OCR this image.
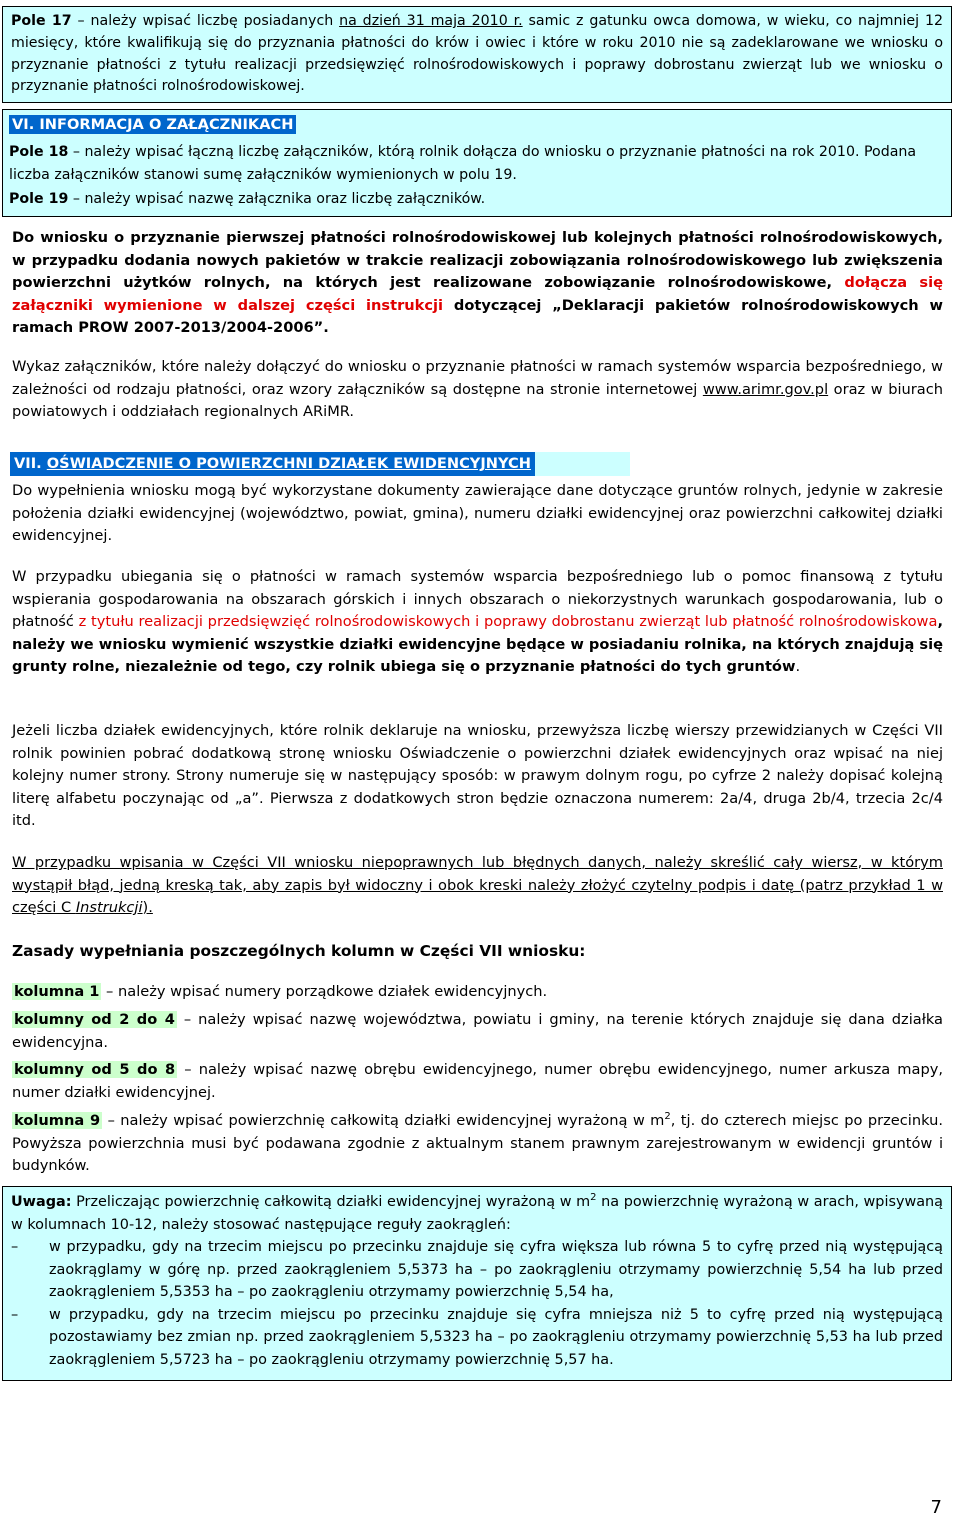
Pole 17 – należy wpisać liczbę posiadanych na dzień 31 maja 2010 r. samic z gatunku owca domowa, w wieku, co najmniej 12 miesięcy, które kwalifikują się do przyznania płatności do krów i owiec i które w roku 2010 nie są zadeklarowane we wniosku o przyznanie płatności z tytułu realizacji przedsięwzięć rolnośrodowiskowych i poprawy dobrostanu zwierząt lub we wniosku o przyznanie płatności rolnośrodowiskowej.

VI. INFORMACJA O ZAŁĄCZNIKACH

Pole 18 – należy wpisać łączną liczbę załączników, którą rolnik dołącza do wniosku o przyznanie płatności na rok 2010. Podana liczba załączników stanowi sumę załączników wymienionych w polu 19.

Pole 19 – należy wpisać nazwę załącznika oraz liczbę załączników.

Do wniosku o przyznanie pierwszej płatności rolnośrodowiskowej lub kolejnych płatności rolnośrodowiskowych, w przypadku dodania nowych pakietów w trakcie realizacji zobowiązania rolnośrodowiskowego lub zwiększenia powierzchni użytków rolnych, na których jest realizowane zobowiązanie rolnośrodowiskowe, dołącza się załączniki wymienione w dalszej części instrukcji dotyczącej „Deklaracji pakietów rolnośrodowiskowych w ramach PROW 2007-2013/2004-2006”.

Wykaz załączników, które należy dołączyć do wniosku o przyznanie płatności w ramach systemów wsparcia bezpośredniego, w zależności od rodzaju płatności, oraz wzory załączników są dostępne na stronie internetowej www.arimr.gov.pl oraz w biurach powiatowych i oddziałach regionalnych ARiMR.

VII. OŚWIADCZENIE O POWIERZCHNI DZIAŁEK EWIDENCYJNYCH

Do wypełnienia wniosku mogą być wykorzystane dokumenty zawierające dane dotyczące gruntów rolnych, jedynie w zakresie położenia działki ewidencyjnej (województwo, powiat, gmina), numeru działki ewidencyjnej oraz powierzchni całkowitej działki ewidencyjnej.

W przypadku ubiegania się o płatności w ramach systemów wsparcia bezpośredniego lub o pomoc finansową z tytułu wspierania gospodarowania na obszarach górskich i innych obszarach o niekorzystnych warunkach gospodarowania, lub o płatność z tytułu realizacji przedsięwzięć rolnośrodowiskowych i poprawy dobrostanu zwierząt lub płatność rolnośrodowiskowa, należy we wniosku wymienić wszystkie działki ewidencyjne będące w posiadaniu rolnika, na których znajdują się grunty rolne, niezależnie od tego, czy rolnik ubiega się o przyznanie płatności do tych gruntów.

Jeżeli liczba działek ewidencyjnych, które rolnik deklaruje na wniosku, przewyższa liczbę wierszy przewidzianych w Części VII rolnik powinien pobrać dodatkową stronę wniosku Oświadczenie o powierzchni działek ewidencyjnych oraz wpisać na niej kolejny numer strony. Strony numeruje się w następujący sposób: w prawym dolnym rogu, po cyfrze 2 należy dopisać kolejną literę alfabetu poczynając od „a”. Pierwsza z dodatkowych stron będzie oznaczona numerem: 2a/4, druga 2b/4, trzecia 2c/4 itd.

W przypadku wpisania w Części VII wniosku niepoprawnych lub błędnych danych, należy skreślić cały wiersz, w którym wystąpił błąd, jedną kreską tak, aby zapis był widoczny i obok kreski należy złożyć czytelny podpis i datę (patrz przykład 1 w części C Instrukcji).

Zasady wypełniania poszczególnych kolumn w Części VII wniosku:

kolumna 1 – należy wpisać numery porządkowe działek ewidencyjnych.

kolumny od 2 do 4 – należy wpisać nazwę województwa, powiatu i gminy, na terenie których znajduje się dana działka ewidencyjna.

kolumny od 5 do 8 – należy wpisać nazwę obrębu ewidencyjnego, numer obrębu ewidencyjnego, numer arkusza mapy, numer działki ewidencyjnej.

kolumna 9 – należy wpisać powierzchnię całkowitą działki ewidencyjnej wyrażoną w $m^2$, tj. do czterech miejsc po przecinku. Powyższa powierzchnia musi być podawana zgodnie z aktualnym stanem prawnym zarejestrowanym w ewidencji gruntów i budynków.

Uwaga: Przeliczając powierzchnię całkowitą działki ewidencyjnej wyrażoną w $m^2$ na powierzchnię wyrażoną w arach, wpisywaną w kolumnach 10-12, należy stosować następujące reguły zaokrągleń:

– w przypadku, gdy na trzecim miejscu po przecinku znajduje się cyfra większa lub równa 5 to cyfrę przed nią występującą zaokrąglamy w górę np. przed zaokrągleniem 5,5373 ha – po zaokrągleniu otrzymamy powierzchnię 5,54 ha lub przed zaokrągleniem 5,5353 ha – po zaokrągleniu otrzymamy powierzchnię 5,54 ha,
– w przypadku, gdy na trzecim miejscu po przecinku znajduje się cyfra mniejsza niż 5 to cyfrę przed nią występującą pozostawiamy bez zmian np. przed zaokrągleniem 5,5323 ha – po zaokrągleniu otrzymamy powierzchnię 5,53 ha lub przed zaokrągleniem 5,5723 ha – po zaokrągleniu otrzymamy powierzchnię 5,57 ha.
7
